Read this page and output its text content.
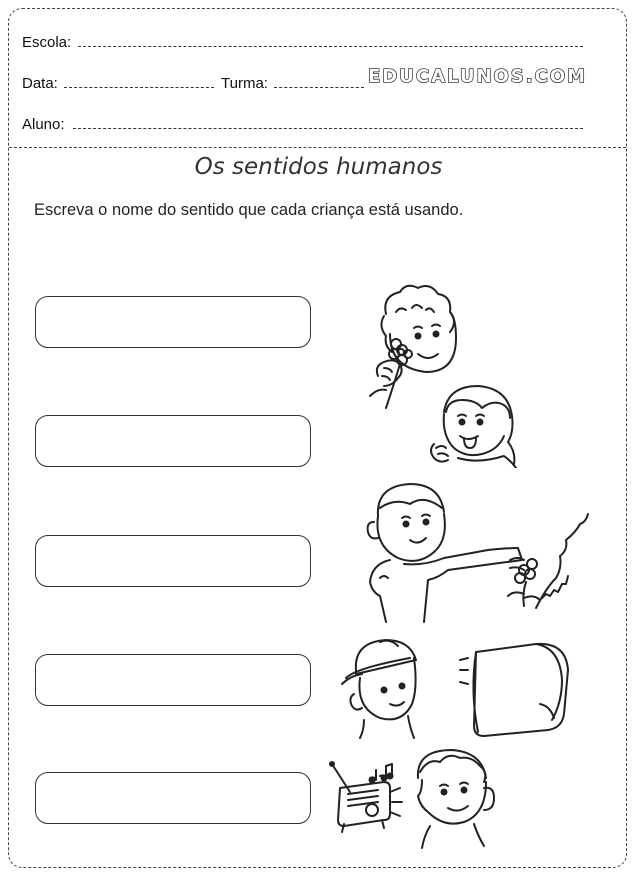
Escola:
Data:	Turma:	EDUCALUNOS.COM
Aluno:
Os sentidos humanos
Escreva o nome do sentido que cada criança está usando.
